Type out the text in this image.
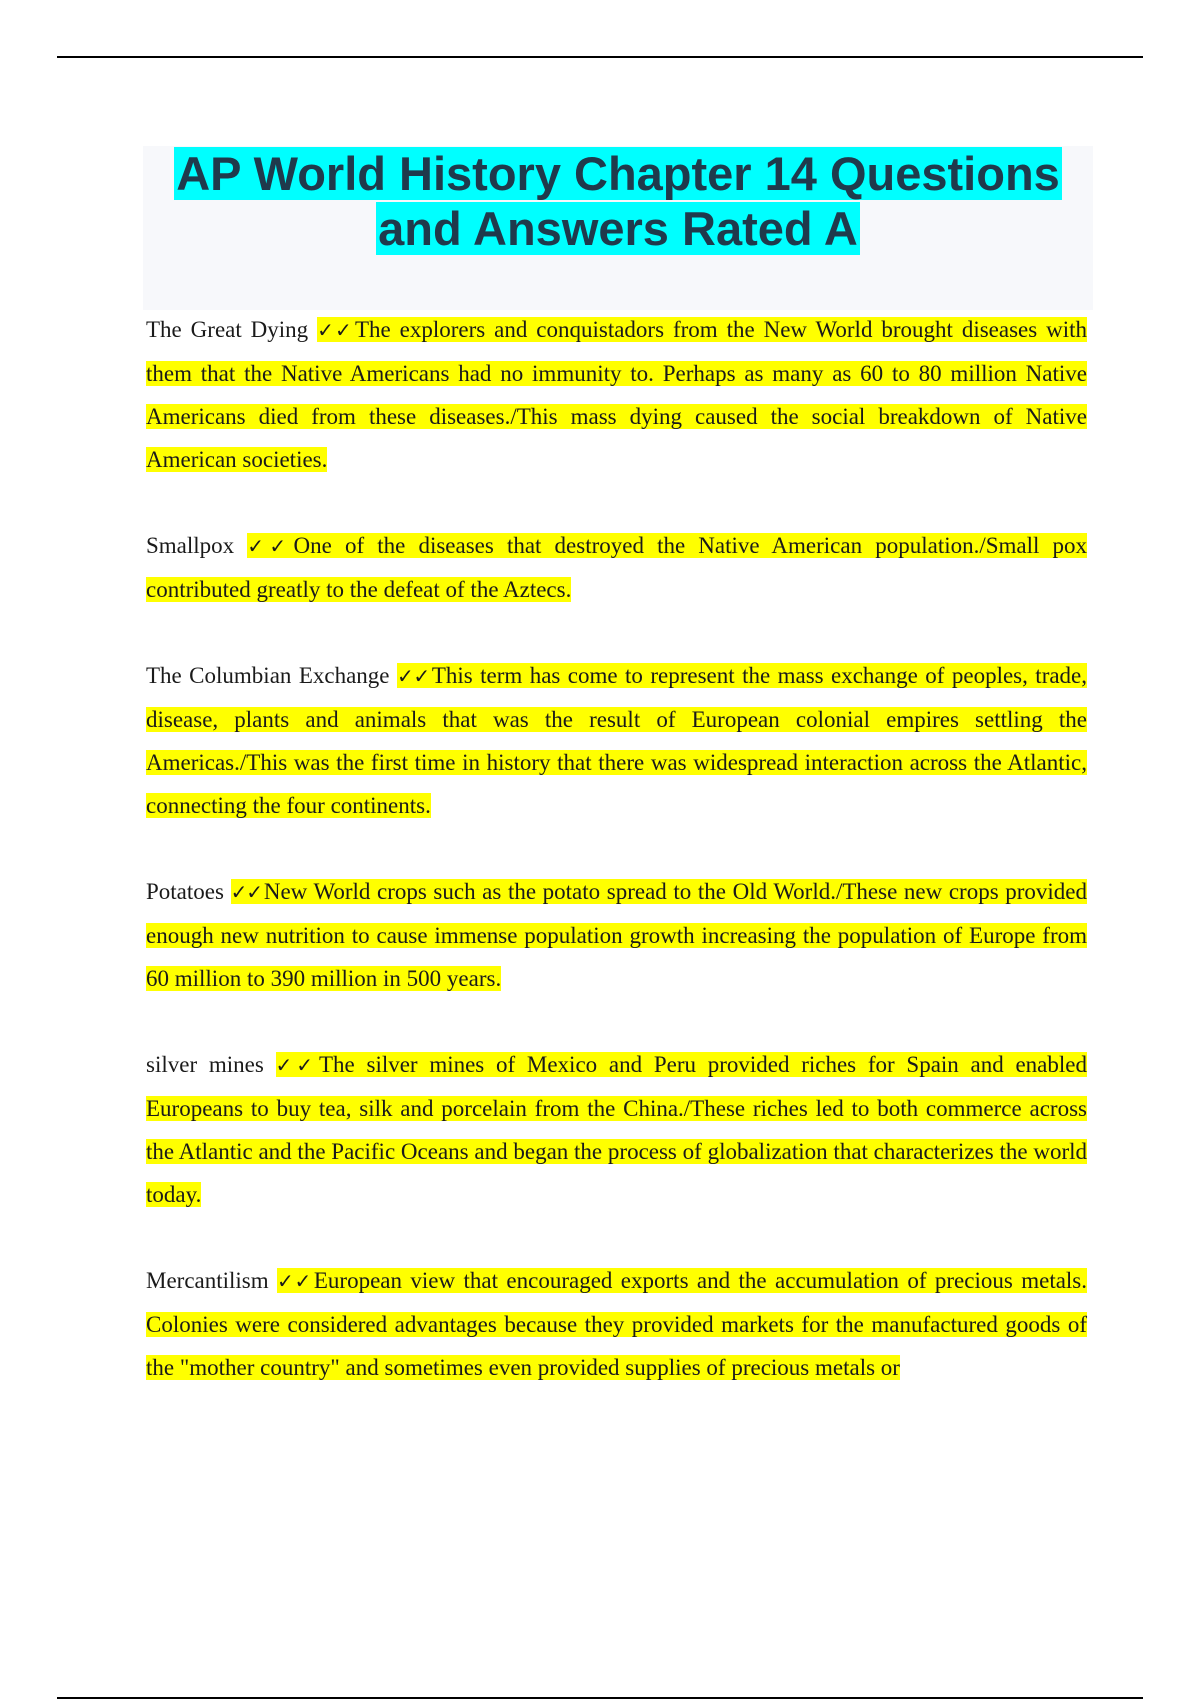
AP World History Chapter 14 Questions and Answers Rated A

The Great Dying ✓✓The explorers and conquistadors from the New World brought diseases with them that the Native Americans had no immunity to. Perhaps as many as 60 to 80 million Native Americans died from these diseases./This mass dying caused the social breakdown of Native American societies.

Smallpox ✓✓One of the diseases that destroyed the Native American population./Small pox contributed greatly to the defeat of the Aztecs.

The Columbian Exchange ✓✓This term has come to represent the mass exchange of peoples, trade, disease, plants and animals that was the result of European colonial empires settling the Americas./This was the first time in history that there was widespread interaction across the Atlantic, connecting the four continents.

Potatoes ✓✓New World crops such as the potato spread to the Old World./These new crops provided enough new nutrition to cause immense population growth increasing the population of Europe from 60 million to 390 million in 500 years.

silver mines ✓✓The silver mines of Mexico and Peru provided riches for Spain and enabled Europeans to buy tea, silk and porcelain from the China./These riches led to both commerce across the Atlantic and the Pacific Oceans and began the process of globalization that characterizes the world today.

Mercantilism ✓✓European view that encouraged exports and the accumulation of precious metals. Colonies were considered advantages because they provided markets for the manufactured goods of the "mother country" and sometimes even provided supplies of precious metals or
